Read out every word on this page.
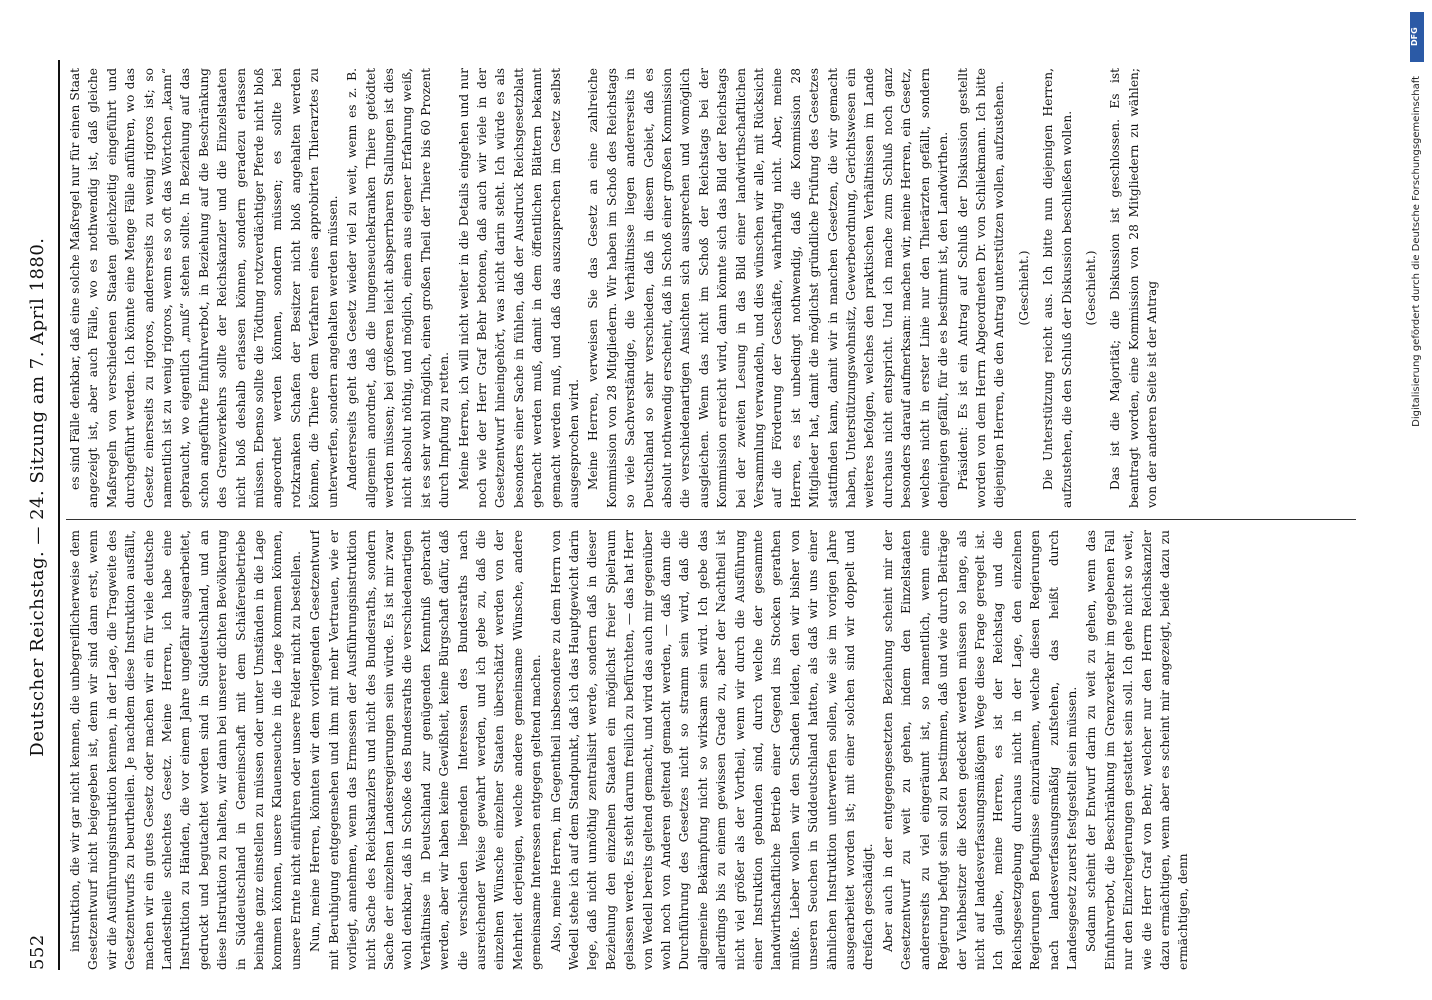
552
Deutscher Reichstag. — 24. Sitzung am 7. April 1880. instruktion, die wir gar nicht kennen, die unbegreiflicherweise dem Gesetzentwurf nicht beigegeben ist, denn wir sind dann erst, wenn wir die Ausführungsinstruktion kennen, in der Lage, die Tragweite des Gesetzentwurfs zu beurtheilen. Je nachdem diese Instruktion ausfällt, machen wir ein gutes Gesetz oder machen wir ein für viele deutsche Landestheile schlechtes Gesetz. Meine Herren, ich habe eine Instruktion zu Händen, die vor einem Jahre ungefähr ausgearbeitet, gedruckt und begutachtet worden sind in Süddeutschland, und an diese Instruktion zu halten, wir dann bei unserer dichten Bevölkerung in Süddeutschland in Gemeinschaft mit dem Schäfereibetriebe beinahe ganz einstellen zu müssen oder unter Umständen in die Lage kommen können, unsere Klauenseuche in die Lage kommen können, unsere Ernte nicht einführen oder unsere Felder nicht zu bestellen. Nun, meine Herren, könnten wir dem vorliegenden Gesetzentwurf mit Beruhigung entgegensehen und ihm mit mehr Vertrauen, wie er vorliegt, annehmen, wenn das Ermessen der Ausführungsinstruktion nicht Sache des Reichskanzlers und nicht des Bundesraths, sondern Sache der einzelnen Landesregierungen sein würde. Es ist mir zwar wohl denkbar, daß in Schoße des Bundesraths die verschiedenartigen Verhältnisse in Deutschland zur genügenden Kenntniß gebracht werden, aber wir haben keine Gewißheit, keine Bürgschaft dafür, daß die verschieden liegenden Interessen des Bundesraths nach ausreichender Weise gewahrt werden, und ich gebe zu, daß die einzelnen Wünsche einzelner Staaten überschätzt werden von der Mehrheit derjenigen, welche andere gemeinsame Wünsche, andere gemeinsame Interessen entgegen geltend machen. Also, meine Herren, im Gegentheil insbesondere zu dem Herrn von Wedell stehe ich auf dem Standpunkt, daß ich das Hauptgewicht darin lege, daß nicht unnöthig zentralisirt werde, sondern daß in dieser Beziehung den einzelnen Staaten ein möglichst freier Spielraum gelassen werde. Es steht darum freilich zu befürchten, — das hat Herr von Wedell bereits geltend gemacht, und wird das auch mir gegenüber wohl noch von Anderen geltend gemacht werden, — daß dann die Durchführung des Gesetzes nicht so stramm sein wird, daß die allgemeine Bekämpfung nicht so wirksam sein wird. Ich gebe das allerdings bis zu einem gewissen Grade zu, aber der Nachtheil ist nicht viel größer als der Vortheil, wenn wir durch die Ausführung einer Instruktion gebunden sind, durch welche der gesammte landwirthschaftliche Betrieb einer Gegend ins Stocken gerathen müßte. Lieber wollen wir den Schaden leiden, den wir bisher von unseren Seuchen in Süddeutschland hatten, als daß wir uns einer ähnlichen Instruktion unterwerfen sollen, wie sie im vorigen Jahre ausgearbeitet worden ist; mit einer solchen sind wir doppelt und dreifach geschädigt. Aber auch in der entgegengesetzten Beziehung scheint mir der Gesetzentwurf zu weit zu gehen, indem den Einzelstaaten andererseits zu viel eingeräumt ist, so namentlich, wenn eine Regierung befugt sein soll zu bestimmen, daß und wie durch Beiträge der Viehbesitzer die Kosten gedeckt werden müssen so lange, als nicht auf landesverfassungsmäßigem Wege diese Frage geregelt ist. Ich glaube, meine Herren, es ist der Reichstag und die Reichsgesetzgebung durchaus nicht in der Lage, den einzelnen Regierungen Befugnisse einzuräumen, welche diesen Regierungen nach landesverfassungsmäßig zufstehen, das heißt durch Landesgesetz zuerst festgestellt sein müssen. Sodann scheint der Entwurf darin zu weit zu gehen, wenn das Einfuhrverbot, die Beschränkung im Grenzverkehr im gegebenen Fall nur den Einzelregierungen gestattet sein soll. Ich gehe nicht so weit, wie die Herr Graf von Behr, welcher nur den Herrn Reichskanzler dazu ermächtigen, wenn aber es scheint mir angezeigt, beide dazu zu ermächtigen, denn

es sind Fälle denkbar, daß eine solche Maßregel nur für einen Staat angezeigt ist, aber auch Fälle, wo es nothwendig ist, daß gleiche Maßregeln von verschiedenen Staaten gleichzeitig eingeführt und durchgeführt werden. Ich könnte eine Menge Fälle anführen, wo das Gesetz einerseits zu rigoros, andererseits zu wenig rigoros ist; so namentlich ist zu wenig rigoros, wenn es so oft das Wörtchen „kann“ gebraucht, wo eigentlich „muß“ stehen sollte. In Beziehung auf das schon angeführte Einfuhrverbot, in Beziehung auf die Beschränkung des Grenzverkehrs sollte der Reichskanzler und die Einzelstaaten nicht bloß deshalb erlassen können, sondern geradezu erlassen müssen. Ebenso sollte die Tödtung rotzverdächtiger Pferde nicht bloß angeordnet werden können, sondern müssen; es sollte bei rotzkranken Schafen der Besitzer nicht bloß angehalten werden können, die Thiere dem Verfahren eines approbirten Thierarztes zu unterwerfen, sondern angehalten werden müssen. Andererseits geht das Gesetz wieder viel zu weit, wenn es z. B. allgemein anordnet, daß die lungenseuchekranken Thiere getödtet werden müssen; bei größeren leicht absperrbaren Stallungen ist dies nicht absolut nöthig, und möglich, einen aus eigener Erfahrung weiß, ist es sehr wohl möglich, einen großen Theil der Thiere bis 60 Prozent durch Impfung zu retten. Meine Herren, ich will nicht weiter in die Details eingehen und nur noch wie der Herr Graf Behr betonen, daß auch wir viele in der Gesetzentwurf hineingehört, was nicht darin steht. Ich würde es als besonders einer Sache in fühlen, daß der Ausdruck Reichsgesetzblatt gebracht werden muß, damit in dem öffentlichen Blättern bekannt gemacht werden muß, und daß das auszusprechen im Gesetz selbst ausgesprochen wird. Meine Herren, verweisen Sie das Gesetz an eine zahlreiche Kommission von 28 Mitgliedern. Wir haben im Schoß des Reichstags so viele Sachverständige, die Verhältnisse liegen andererseits in Deutschland so sehr verschieden, daß in diesem Gebiet, daß es absolut nothwendig erscheint, daß in Schoß einer großen Kommission die verschiedenartigen Ansichten sich aussprechen und womöglich ausgleichen. Wenn das nicht im Schoß der Reichstags bei der Kommission erreicht wird, dann könnte sich das Bild der Reichstags bei der zweiten Lesung in das Bild einer landwirthschaftlichen Versammlung verwandeln, und dies wünschen wir alle, mit Rücksicht auf die Förderung der Geschäfte, wahrhaftig nicht. Aber, meine Herren, es ist unbedingt nothwendig, daß die Kommission 28 Mitglieder hat, damit die möglichst gründliche Prüfung des Gesetzes stattfinden kann, damit wir in manchen Gesetzen, die wir gemacht haben, Unterstützungswohnsitz, Gewerbeordnung, Gerichtswesen ein weiteres befolgen, welches den praktischen Verhältnissen im Lande durchaus nicht entspricht. Und ich mache zum Schluß noch ganz besonders darauf aufmerksam: machen wir, meine Herren, ein Gesetz, welches nicht in erster Linie nur den Thierärzten gefällt, sondern denjenigen gefällt, für die es bestimmt ist, den Landwirthen. Präsident: Es ist ein Antrag auf Schluß der Diskussion gestellt worden von dem Herrn Abgeordneten Dr. von Schliekmann. Ich bitte diejenigen Herren, die den Antrag unterstützen wollen, aufzustehen. (Geschieht.) Die Unterstützung reicht aus. Ich bitte nun diejenigen Herren, aufzustehen, die den Schluß der Diskussion beschließen wollen. (Geschieht.) Das ist die Majorität; die Diskussion ist geschlossen. Es ist beantragt worden, eine Kommission von 28 Mitgliedern zu wählen; von der anderen Seite ist der Antrag

DFG
Digitalisierung gefördert durch die Deutsche Forschungsgemeinschaft
